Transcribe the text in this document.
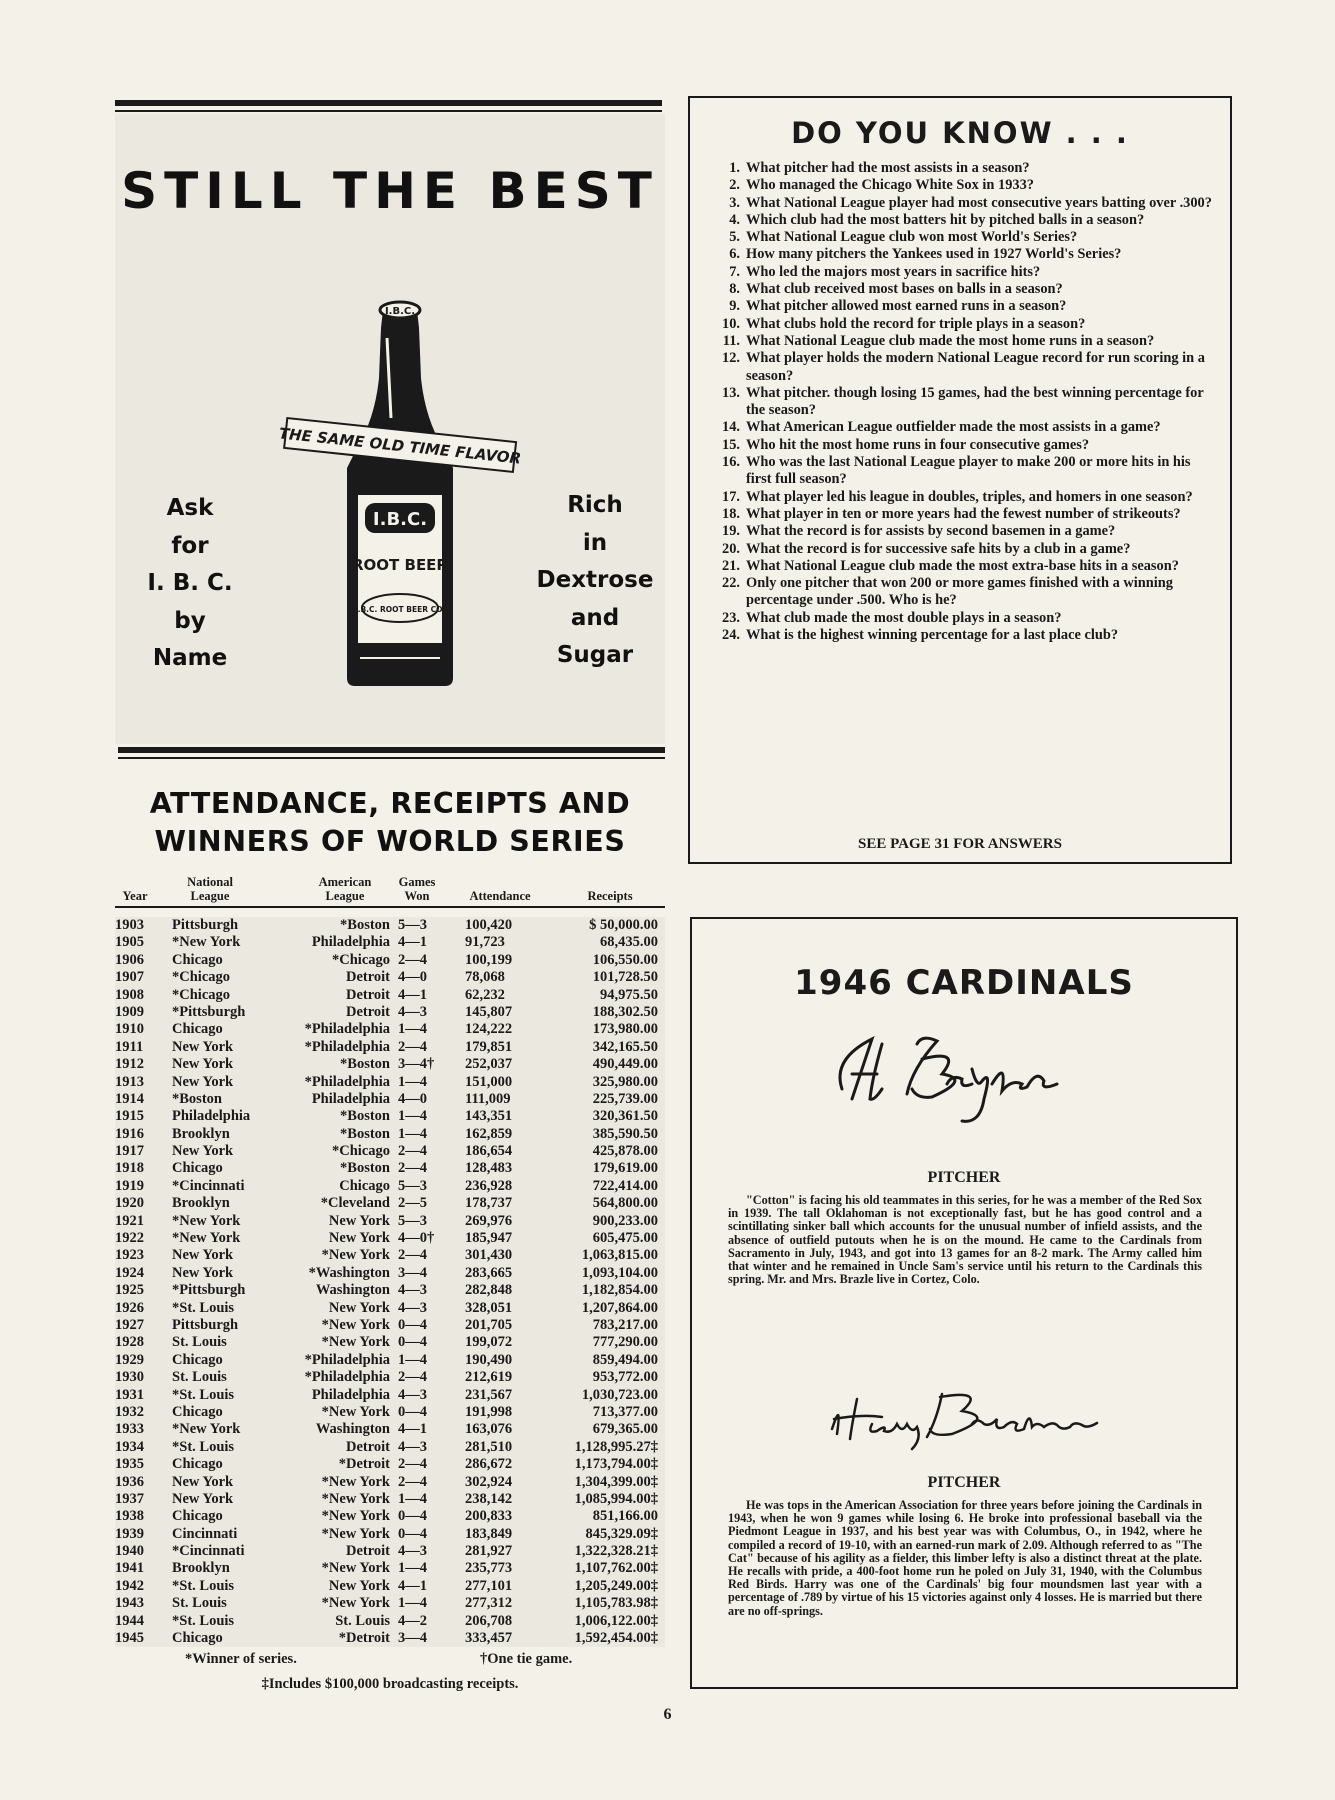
STILL THE BEST
Ask
for
I. B. C.
by
Name
Rich
in
Dextrose
and
Sugar
I.B.C.
THE SAME OLD TIME FLAVOR
I.B.C.
ROOT BEER
I.B.C. ROOT BEER CO.
ATTENDANCE, RECEIPTS AND
WINNERS OF WORLD SERIES
Year
National League
American League
Games Won	Attendance	Receipts
1903	Pittsburgh	*Boston 5—3	100,420	$ 50,000.00
1905	*New York	Philadelphia 4—1	91,723	68,435.00
1906	Chicago	*Chicago 2—4	100,199	106,550.00
1907	*Chicago	Detroit 4—0	78,068	101,728.50
1908	*Chicago	Detroit 4—1	62,232	94,975.50
1909	*Pittsburgh	Detroit 4—3	145,807	188,302.50
1910	Chicago	*Philadelphia 1—4	124,222	173,980.00
1911	New York	*Philadelphia 2—4	179,851	342,165.50
1912	New York	*Boston 3—4†	252,037	490,449.00
1913	New York	*Philadelphia 1—4	151,000	325,980.00
1914	*Boston	Philadelphia 4—0	111,009	225,739.00
1915	Philadelphia	*Boston 1—4	143,351	320,361.50
1916	Brooklyn	*Boston 1—4	162,859	385,590.50
1917	New York	*Chicago 2—4	186,654	425,878.00
1918	Chicago	*Boston 2—4	128,483	179,619.00
1919	*Cincinnati	Chicago 5—3	236,928	722,414.00
1920	Brooklyn	*Cleveland 2—5	178,737	564,800.00
1921	*New York	New York 5—3	269,976	900,233.00
1922	*New York	New York 4—0†	185,947	605,475.00
1923	New York	*New York 2—4	301,430	1,063,815.00
1924	New York	*Washington 3—4	283,665	1,093,104.00
1925	*Pittsburgh	Washington 4—3	282,848	1,182,854.00
1926	*St. Louis	New York 4—3	328,051	1,207,864.00
1927	Pittsburgh	*New York 0—4	201,705	783,217.00
1928	St. Louis	*New York 0—4	199,072	777,290.00
1929	Chicago	*Philadelphia 1—4	190,490	859,494.00
1930	St. Louis	*Philadelphia 2—4	212,619	953,772.00
1931	*St. Louis	Philadelphia 4—3	231,567	1,030,723.00
1932	Chicago	*New York 0—4	191,998	713,377.00
1933	*New York	Washington 4—1	163,076	679,365.00
1934	*St. Louis	Detroit 4—3	281,510	1,128,995.27‡
1935	Chicago	*Detroit 2—4	286,672	1,173,794.00‡
1936	New York	*New York 2—4	302,924	1,304,399.00‡
1937	New York	*New York 1—4	238,142	1,085,994.00‡
1938	Chicago	*New York 0—4	200,833	851,166.00
1939	Cincinnati	*New York 0—4	183,849	845,329.09‡
1940	*Cincinnati	Detroit 4—3	281,927	1,322,328.21‡
1941	Brooklyn	*New York 1—4	235,773	1,107,762.00‡
1942	*St. Louis	New York 4—1	277,101	1,205,249.00‡
1943	St. Louis	*New York 1—4	277,312	1,105,783.98‡
1944	*St. Louis	St. Louis 4—2	206,708	1,006,122.00‡
1945	Chicago	*Detroit 3—4	333,457	1,592,454.00‡
*Winner of series.	†One tie game.
‡Includes $100,000 broadcasting receipts.
DO YOU KNOW . . .
1. What pitcher had the most assists in a season?
2. Who managed the Chicago White Sox in 1933?
3. What National League player had most consecutive years batting over .300?
4. Which club had the most batters hit by pitched balls in a season?
5. What National League club won most World's Series?
6. How many pitchers the Yankees used in 1927 World's Series?
7. Who led the majors most years in sacrifice hits?
8. What club received most bases on balls in a season?
9. What pitcher allowed most earned runs in a season?
10. What clubs hold the record for triple plays in a season?
11. What National League club made the most home runs in a season?
12. What player holds the modern National League record for run scoring in a season?
13. What pitcher. though losing 15 games, had the best winning percentage for the season?
14. What American League outfielder made the most assists in a game?
15. Who hit the most home runs in four consecutive games?
16. Who was the last National League player to make 200 or more hits in his first full season?
17. What player led his league in doubles, triples, and homers in one season?
18. What player in ten or more years had the fewest number of strikeouts?
19. What the record is for assists by second basemen in a game?
20. What the record is for successive safe hits by a club in a game?
21. What National League club made the most extra-base hits in a season?
22. Only one pitcher that won 200 or more games finished with a winning percentage under .500. Who is he?
23. What club made the most double plays in a season?
24. What is the highest winning percentage for a last place club?
SEE PAGE 31 FOR ANSWERS
1946 CARDINALS
PITCHER
"Cotton" is facing his old teammates in this series, for he was a member of the Red Sox in 1939. The tall Oklahoman is not exceptionally fast, but he has good control and a scintillating sinker ball which accounts for the unusual number of infield assists, and the absence of outfield putouts when he is on the mound. He came to the Cardinals from Sacramento in July, 1943, and got into 13 games for an 8-2 mark. The Army called him that winter and he remained in Uncle Sam's service until his return to the Cardinals this spring. Mr. and Mrs. Brazle live in Cortez, Colo.
PITCHER
He was tops in the American Association for three years before joining the Cardinals in 1943, when he won 9 games while losing 6. He broke into professional baseball via the Piedmont League in 1937, and his best year was with Columbus, O., in 1942, where he compiled a record of 19-10, with an earned-run mark of 2.09. Although referred to as "The Cat" because of his agility as a fielder, this limber lefty is also a distinct threat at the plate. He recalls with pride, a 400-foot home run he poled on July 31, 1940, with the Columbus Red Birds. Harry was one of the Cardinals' big four moundsmen last year with a percentage of .789 by virtue of his 15 victories against only 4 losses. He is married but there are no off-springs.
6
